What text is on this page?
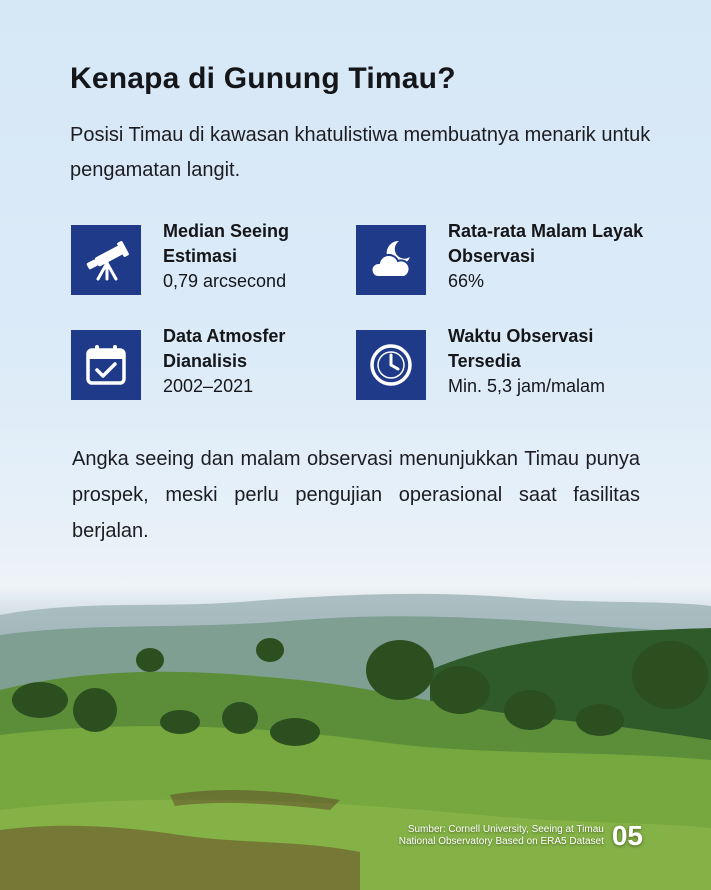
Kenapa di Gunung Timau?

Posisi Timau di kawasan khatulistiwa membuatnya menarik untuk pengamatan langit.

Median Seeing Estimasi
0,79 arcsecond
Rata-rata Malam Layak Observasi
66%
Data Atmosfer Dianalisis
2002–2021
Waktu Observasi Tersedia
Min. 5,3 jam/malam

Angka seeing dan malam observasi menunjukkan Timau punya prospek, meski perlu pengujian operasional saat fasilitas berjalan.

Sumber: Cornell University, Seeing at Timau
National Observatory Based on ERA5 Dataset 05
